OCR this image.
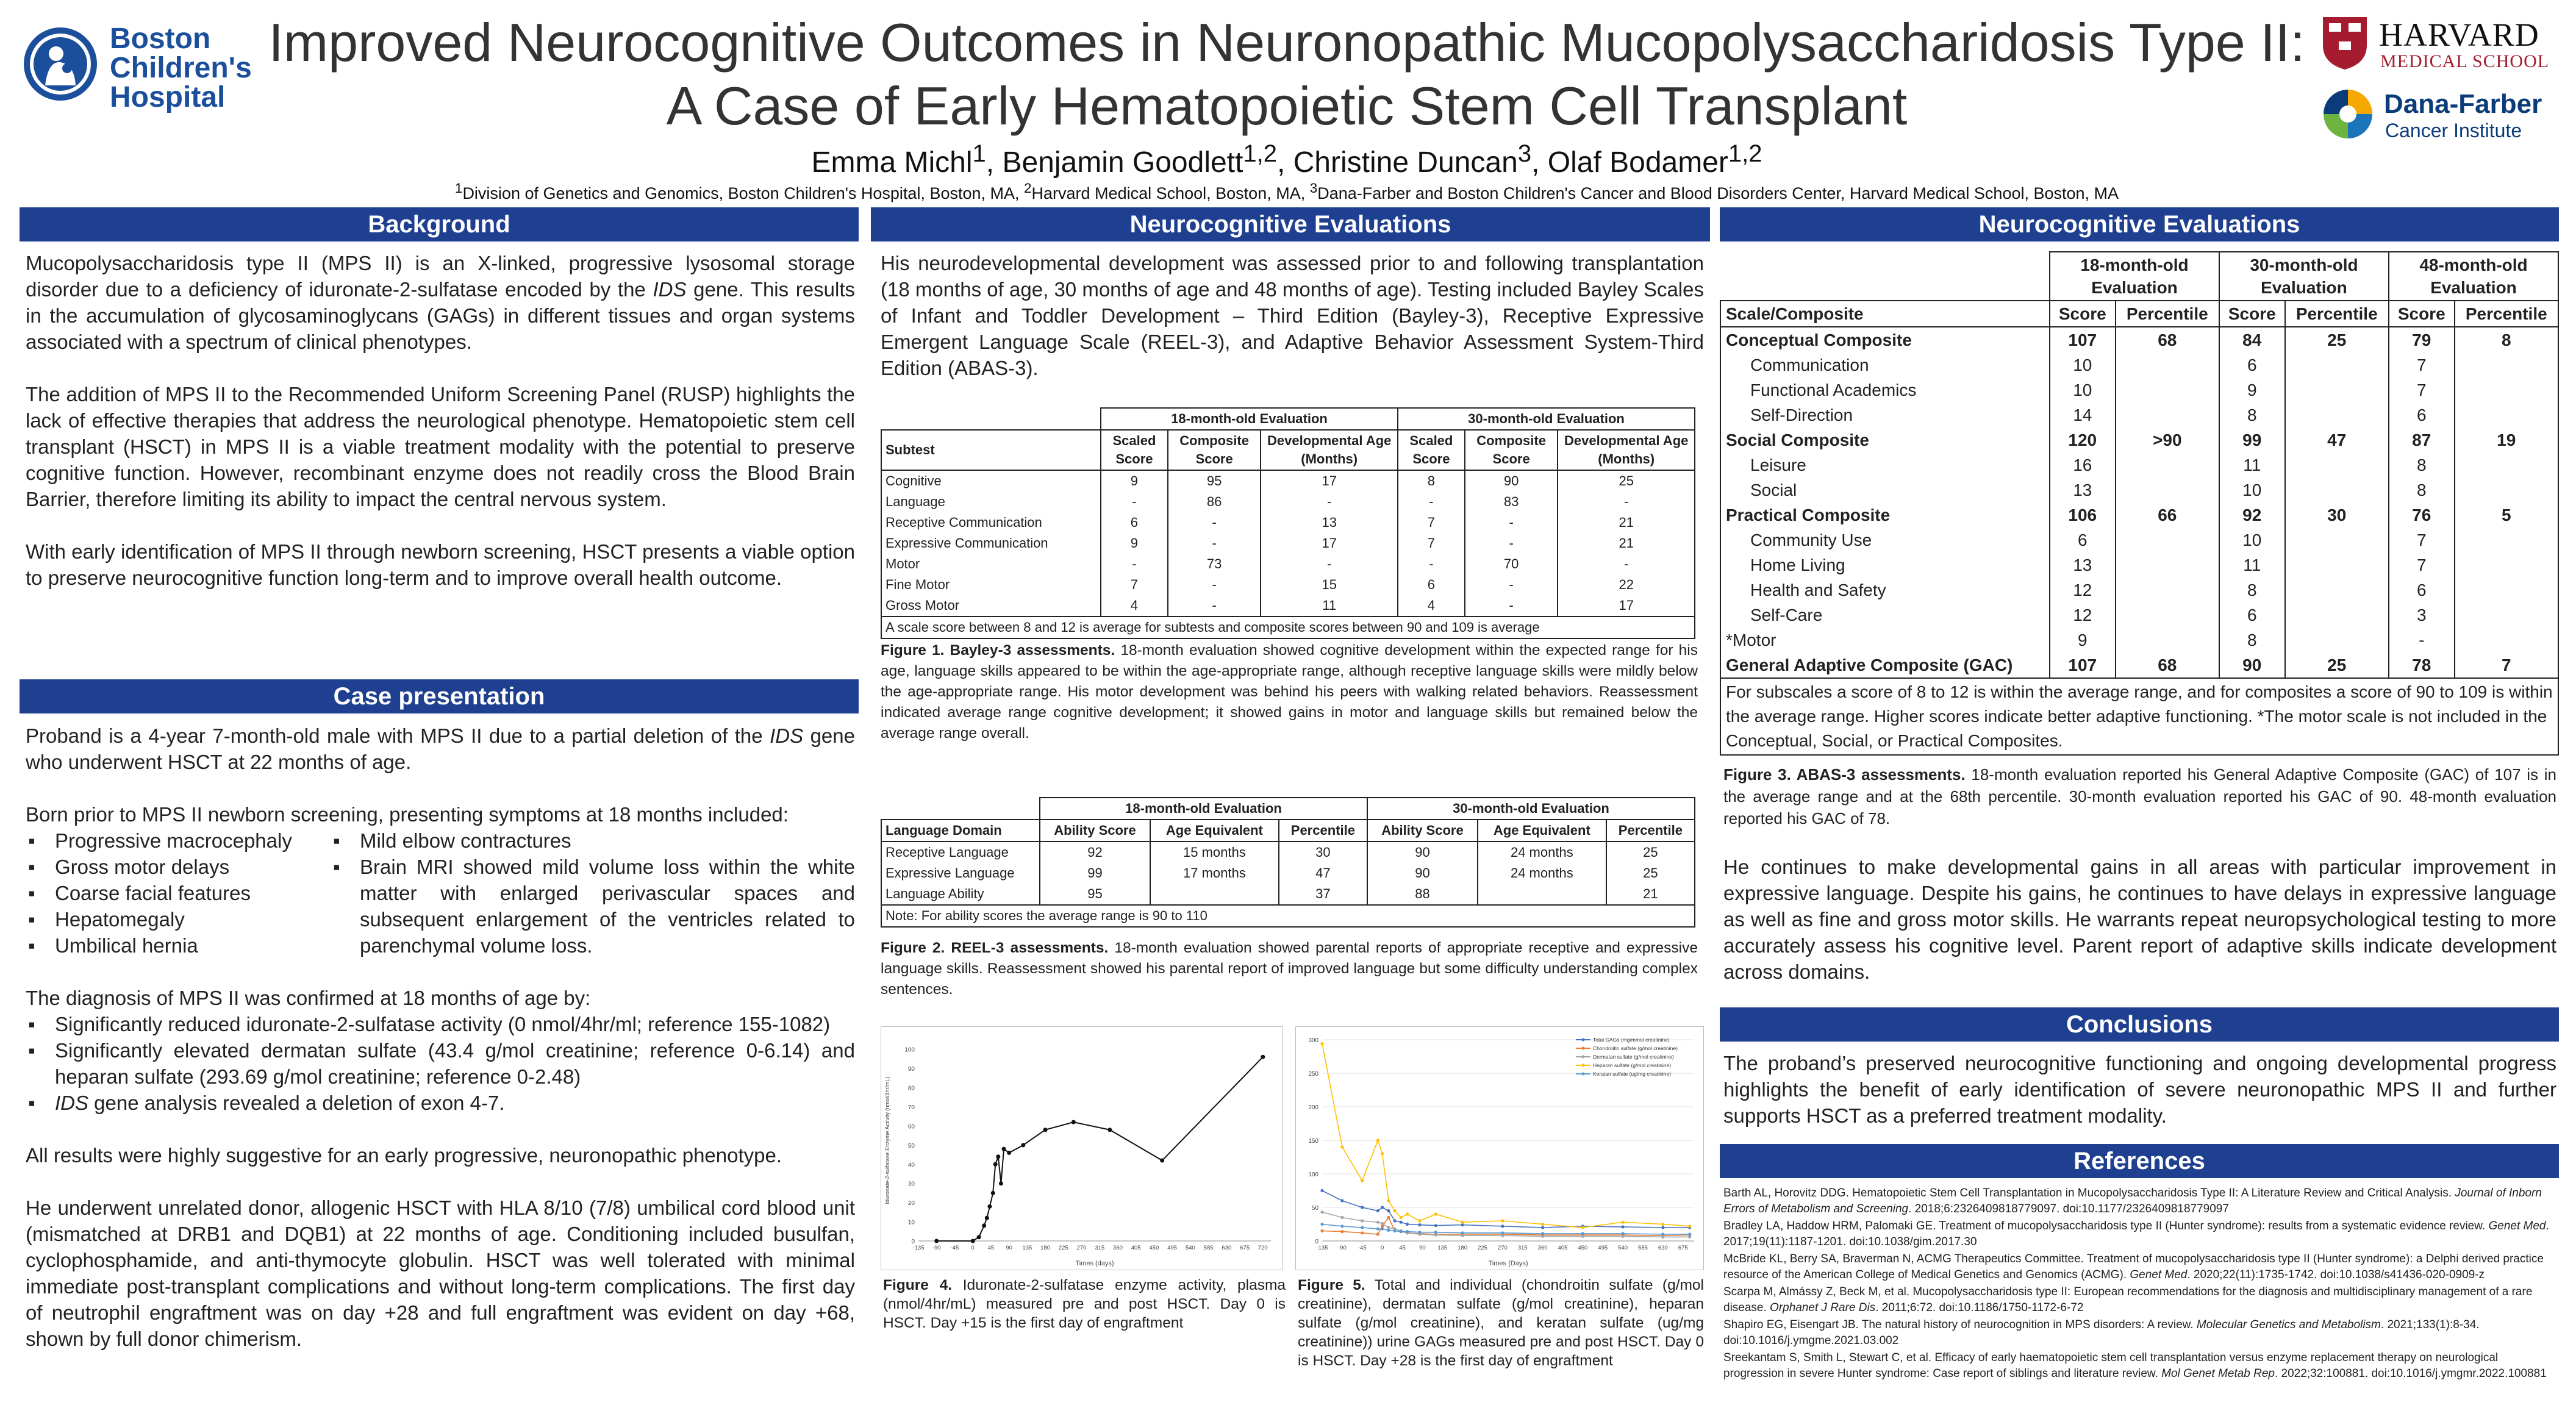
Boston
Children's
Hospital
Improved Neurocognitive Outcomes in Neuronopathic Mucopolysaccharidosis Type II:
A Case of Early Hematopoietic Stem Cell Transplant
Emma Michl$^1$, Benjamin Goodlett$^{1,2}$, Christine Duncan$^3$, Olaf Bodamer$^{1,2}$
$^1$Division of Genetics and Genomics, Boston Children's Hospital, Boston, MA, $^2$Harvard Medical School, Boston, MA, $^3$Dana-Farber and Boston Children's Cancer and Blood Disorders Center, Harvard Medical School, Boston, MA
HARVARD
MEDICAL SCHOOL
Dana-Farber
Cancer Institute
Background

Mucopolysaccharidosis type II (MPS II) is an X-linked, progressive lysosomal storage disorder due to a deficiency of iduronate-2-sulfatase encoded by the IDS gene. This results in the accumulation of glycosaminoglycans (GAGs) in different tissues and organ systems associated with a spectrum of clinical phenotypes.

The addition of MPS II to the Recommended Uniform Screening Panel (RUSP) highlights the lack of effective therapies that address the neurological phenotype. Hematopoietic stem cell transplant (HSCT) in MPS II is a viable treatment modality with the potential to preserve cognitive function. However, recombinant enzyme does not readily cross the Blood Brain Barrier, therefore limiting its ability to impact the central nervous system.

With early identification of MPS II through newborn screening, HSCT presents a viable option to preserve neurocognitive function long-term and to improve overall health outcome.

Case presentation

Proband is a 4-year 7-month-old male with MPS II due to a partial deletion of the IDS gene who underwent HSCT at 22 months of age.

Born prior to MPS II newborn screening, presenting symptoms at 18 months included:

▪ Progressive macrocephaly
▪ Gross motor delays
▪ Coarse facial features
▪ Hepatomegaly
▪ Umbilical hernia
▪ Mild elbow contractures
▪ Brain MRI showed mild volume loss within the white matter with enlarged perivascular spaces and subsequent enlargement of the ventricles related to parenchymal volume loss.

The diagnosis of MPS II was confirmed at 18 months of age by:

▪ Significantly reduced iduronate-2-sulfatase activity (0 nmol/4hr/ml; reference 155-1082)
▪ Significantly elevated dermatan sulfate (43.4 g/mol creatinine; reference 0-6.14) and heparan sulfate (293.69 g/mol creatinine; reference 0-2.48)
▪ IDS gene analysis revealed a deletion of exon 4-7.

All results were highly suggestive for an early progressive, neuronopathic phenotype.

He underwent unrelated donor, allogenic HSCT with HLA 8/10 (7/8) umbilical cord blood unit (mismatched at DRB1 and DQB1) at 22 months of age. Conditioning included busulfan, cyclophosphamide, and anti-thymocyte globulin. HSCT was well tolerated with minimal immediate post-transplant complications and without long-term complications. The first day of neutrophil engraftment was on day +28 and full engraftment was evident on day +68, shown by full donor chimerism.

Neurocognitive Evaluations
His neurodevelopmental development was assessed prior to and following transplantation (18 months of age, 30 months of age and 48 months of age). Testing included Bayley Scales of Infant and Toddler Development – Third Edition (Bayley-3), Receptive Expressive Emergent Language Scale (REEL-3), and Adaptive Behavior Assessment System-Third Edition (ABAS-3).
	18-month-old Evaluation			30-month-old Evaluation		
Subtest	Scaled Score	Composite Score	Developmental Age (Months)	Scaled Score	Composite Score	Developmental Age (Months)
Cognitive	9	95	17	8	90	25
Language	-	86	-	-	83	-
Receptive Communication	6	-	13	7	-	21
Expressive Communication	9	-	17	7	-	21
Motor	-	73	-	-	70	-
Fine Motor	7	-	15	6	-	22
Gross Motor	4	-	11	4	-	17
A scale score between 8 and 12 is average for subtests and composite scores between 90 and 109 is average						
Figure 1. Bayley-3 assessments. 18-month evaluation showed cognitive development within the expected range for his age, language skills appeared to be within the age-appropriate range, although receptive language skills were mildly below the age-appropriate range. His motor development was behind his peers with walking related behaviors. Reassessment indicated average range cognitive development; it showed gains in motor and language skills but remained below the average range overall.
	18-month-old Evaluation			30-month-old Evaluation		
Language Domain	Ability Score	Age Equivalent	Percentile	Ability Score	Age Equivalent	Percentile
Receptive Language	92	15 months	30	90	24 months	25
Expressive Language	99	17 months	47	90	24 months	25
Language Ability	95		37	88		21
Note: For ability scores the average range is 90 to 110						
Figure 2. REEL-3 assessments. 18-month evaluation showed parental reports of appropriate receptive and expressive language skills. Reassessment showed his parental report of improved language but some difficulty understanding complex sentences.
0
10
20
30
40
50
60
70
80
90
100
-135 -90 -45 0 45 90 135 180 225 270 315 360 405 450 495 540 585 630 675 720
Times (days)
Iduronate-2-sulfatase Enzyme Activity (nmol/4hr/mL)
0
50
100
150
200
250
300
-135 -90 -45 0	45 90 135 180 225 270 315 360 405 450 495 540 585 630 675
Times (Days)
Total GAGs (mg/mmol creatinine)
Chondroitin sulfate (g/mol creatinine)
Dermatan sulfate (g/mol creatinine)
Heparan sulfate (g/mol creatinine)
Keratan sulfate (ug/mg creatinine)
Figure 4. Iduronate-2-sulfatase enzyme activity, plasma (nmol/4hr/mL) measured pre and post HSCT. Day 0 is HSCT. Day +15 is the first day of engraftment
Figure 5. Total and individual (chondroitin sulfate (g/mol creatinine), dermatan sulfate (g/mol creatinine), heparan sulfate (g/mol creatinine), and keratan sulfate (ug/mg creatinine)) urine GAGs measured pre and post HSCT. Day 0 is HSCT. Day +28 is the first day of engraftment
Neurocognitive Evaluations
	18-month-old Evaluation		30-month-old Evaluation		48-month-old Evaluation	
Scale/Composite	Score	Percentile	Score	Percentile	Score	Percentile
Conceptual Composite	107	68	84	25	79	8
Communication	10		6		7	
Functional Academics	10		9		7	
Self-Direction	14		8		6	
Social Composite	120	>90	99	47	87	19
Leisure	16		11		8	
Social	13		10		8	
Practical Composite	106	66	92	30	76	5
Community Use	6		10		7	
Home Living	13		11		7	
Health and Safety	12		8		6	
Self-Care	12		6		3	
*Motor	9		8		-	
General Adaptive Composite (GAC)	107	68	90	25	78	7
For subscales a score of 8 to 12 is within the average range, and for composites a score of 90 to 109 is within the average range. Higher scores indicate better adaptive functioning. *The motor scale is not included in the Conceptual, Social, or Practical Composites.						
Figure 3. ABAS-3 assessments. 18-month evaluation reported his General Adaptive Composite (GAC) of 107 is in the average range and at the 68th percentile. 30-month evaluation reported his GAC of 90. 48-month evaluation reported his GAC of 78.
He continues to make developmental gains in all areas with particular improvement in expressive language. Despite his gains, he continues to have delays in expressive language as well as fine and gross motor skills. He warrants repeat neuropsychological testing to more accurately assess his cognitive level. Parent report of adaptive skills indicate development across domains.
Conclusions
The proband’s preserved neurocognitive functioning and ongoing developmental progress highlights the benefit of early identification of severe neuronopathic MPS II and further supports HSCT as a preferred treatment modality.
References

Barth AL, Horovitz DDG. Hematopoietic Stem Cell Transplantation in Mucopolysaccharidosis Type II: A Literature Review and Critical Analysis. Journal of Inborn Errors of Metabolism and Screening. 2018;6:2326409818779097. doi:10.1177/2326409818779097

Bradley LA, Haddow HRM, Palomaki GE. Treatment of mucopolysaccharidosis type II (Hunter syndrome): results from a systematic evidence review. Genet Med. 2017;19(11):1187-1201. doi:10.1038/gim.2017.30

McBride KL, Berry SA, Braverman N, ACMG Therapeutics Committee. Treatment of mucopolysaccharidosis type II (Hunter syndrome): a Delphi derived practice resource of the American College of Medical Genetics and Genomics (ACMG). Genet Med. 2020;22(11):1735-1742. doi:10.1038/s41436-020-0909-z

Scarpa M, Almássy Z, Beck M, et al. Mucopolysaccharidosis type II: European recommendations for the diagnosis and multidisciplinary management of a rare disease. Orphanet J Rare Dis. 2011;6:72. doi:10.1186/1750-1172-6-72

Shapiro EG, Eisengart JB. The natural history of neurocognition in MPS disorders: A review. Molecular Genetics and Metabolism. 2021;133(1):8-34. doi:10.1016/j.ymgme.2021.03.002

Sreekantam S, Smith L, Stewart C, et al. Efficacy of early haematopoietic stem cell transplantation versus enzyme replacement therapy on neurological progression in severe Hunter syndrome: Case report of siblings and literature review. Mol Genet Metab Rep. 2022;32:100881. doi:10.1016/j.ymgmr.2022.100881
